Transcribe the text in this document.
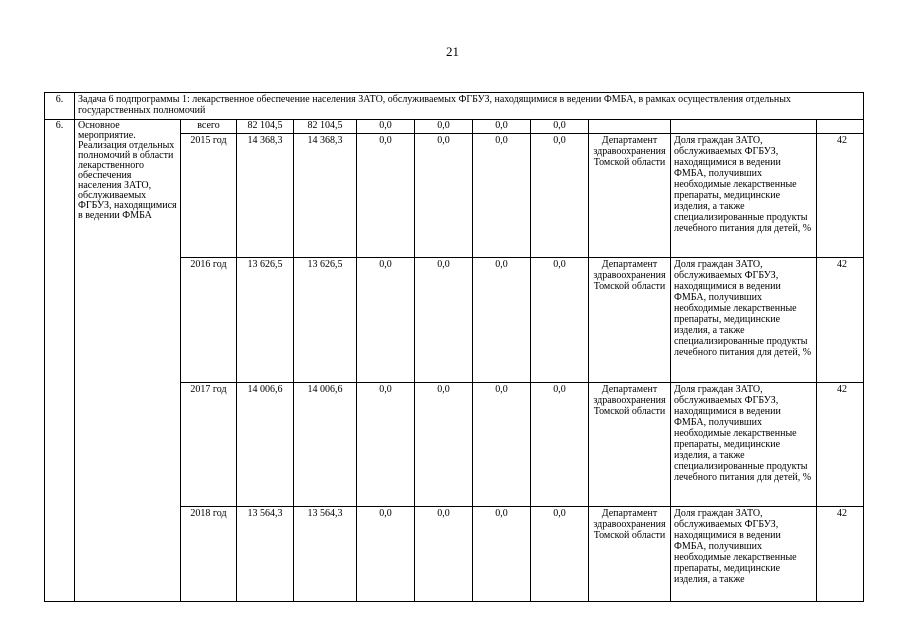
21
6.	Задача 6 подпрограммы 1: лекарственное обеспечение населения ЗАТО, обслуживаемых ФГБУЗ, находящимися в ведении ФМБА, в рамках осуществления отдельных государственных полномочий										
6.	Основное мероприятие. Реализация отдельных полномочий в области лекарственного обеспечения населения ЗАТО, обслуживаемых ФГБУЗ, находящимися в ведении ФМБА	всего	82 104,5	82 104,5	0,0	0,0	0,0	0,0			
		2015 год	14 368,3	14 368,3	0,0	0,0	0,0	0,0	Департамент здравоохранения Томской области	Доля граждан ЗАТО, обслуживаемых ФГБУЗ, находящимися в ведении ФМБА, получивших необходимые лекарственные препараты, медицинские изделия, а также специализированные продукты лечебного питания для детей, %	42
		2016 год	13 626,5	13 626,5	0,0	0,0	0,0	0,0	Департамент здравоохранения Томской области	Доля граждан ЗАТО, обслуживаемых ФГБУЗ, находящимися в ведении ФМБА, получивших необходимые лекарственные препараты, медицинские изделия, а также специализированные продукты лечебного питания для детей, %	42
		2017 год	14 006,6	14 006,6	0,0	0,0	0,0	0,0	Департамент здравоохранения Томской области	Доля граждан ЗАТО, обслуживаемых ФГБУЗ, находящимися в ведении ФМБА, получивших необходимые лекарственные препараты, медицинские изделия, а также специализированные продукты лечебного питания для детей, %	42
		2018 год	13 564,3	13 564,3	0,0	0,0	0,0	0,0	Департамент здравоохранения Томской области	Доля граждан ЗАТО, обслуживаемых ФГБУЗ, находящимися в ведении ФМБА, получивших необходимые лекарственные препараты, медицинские изделия, а также	42
